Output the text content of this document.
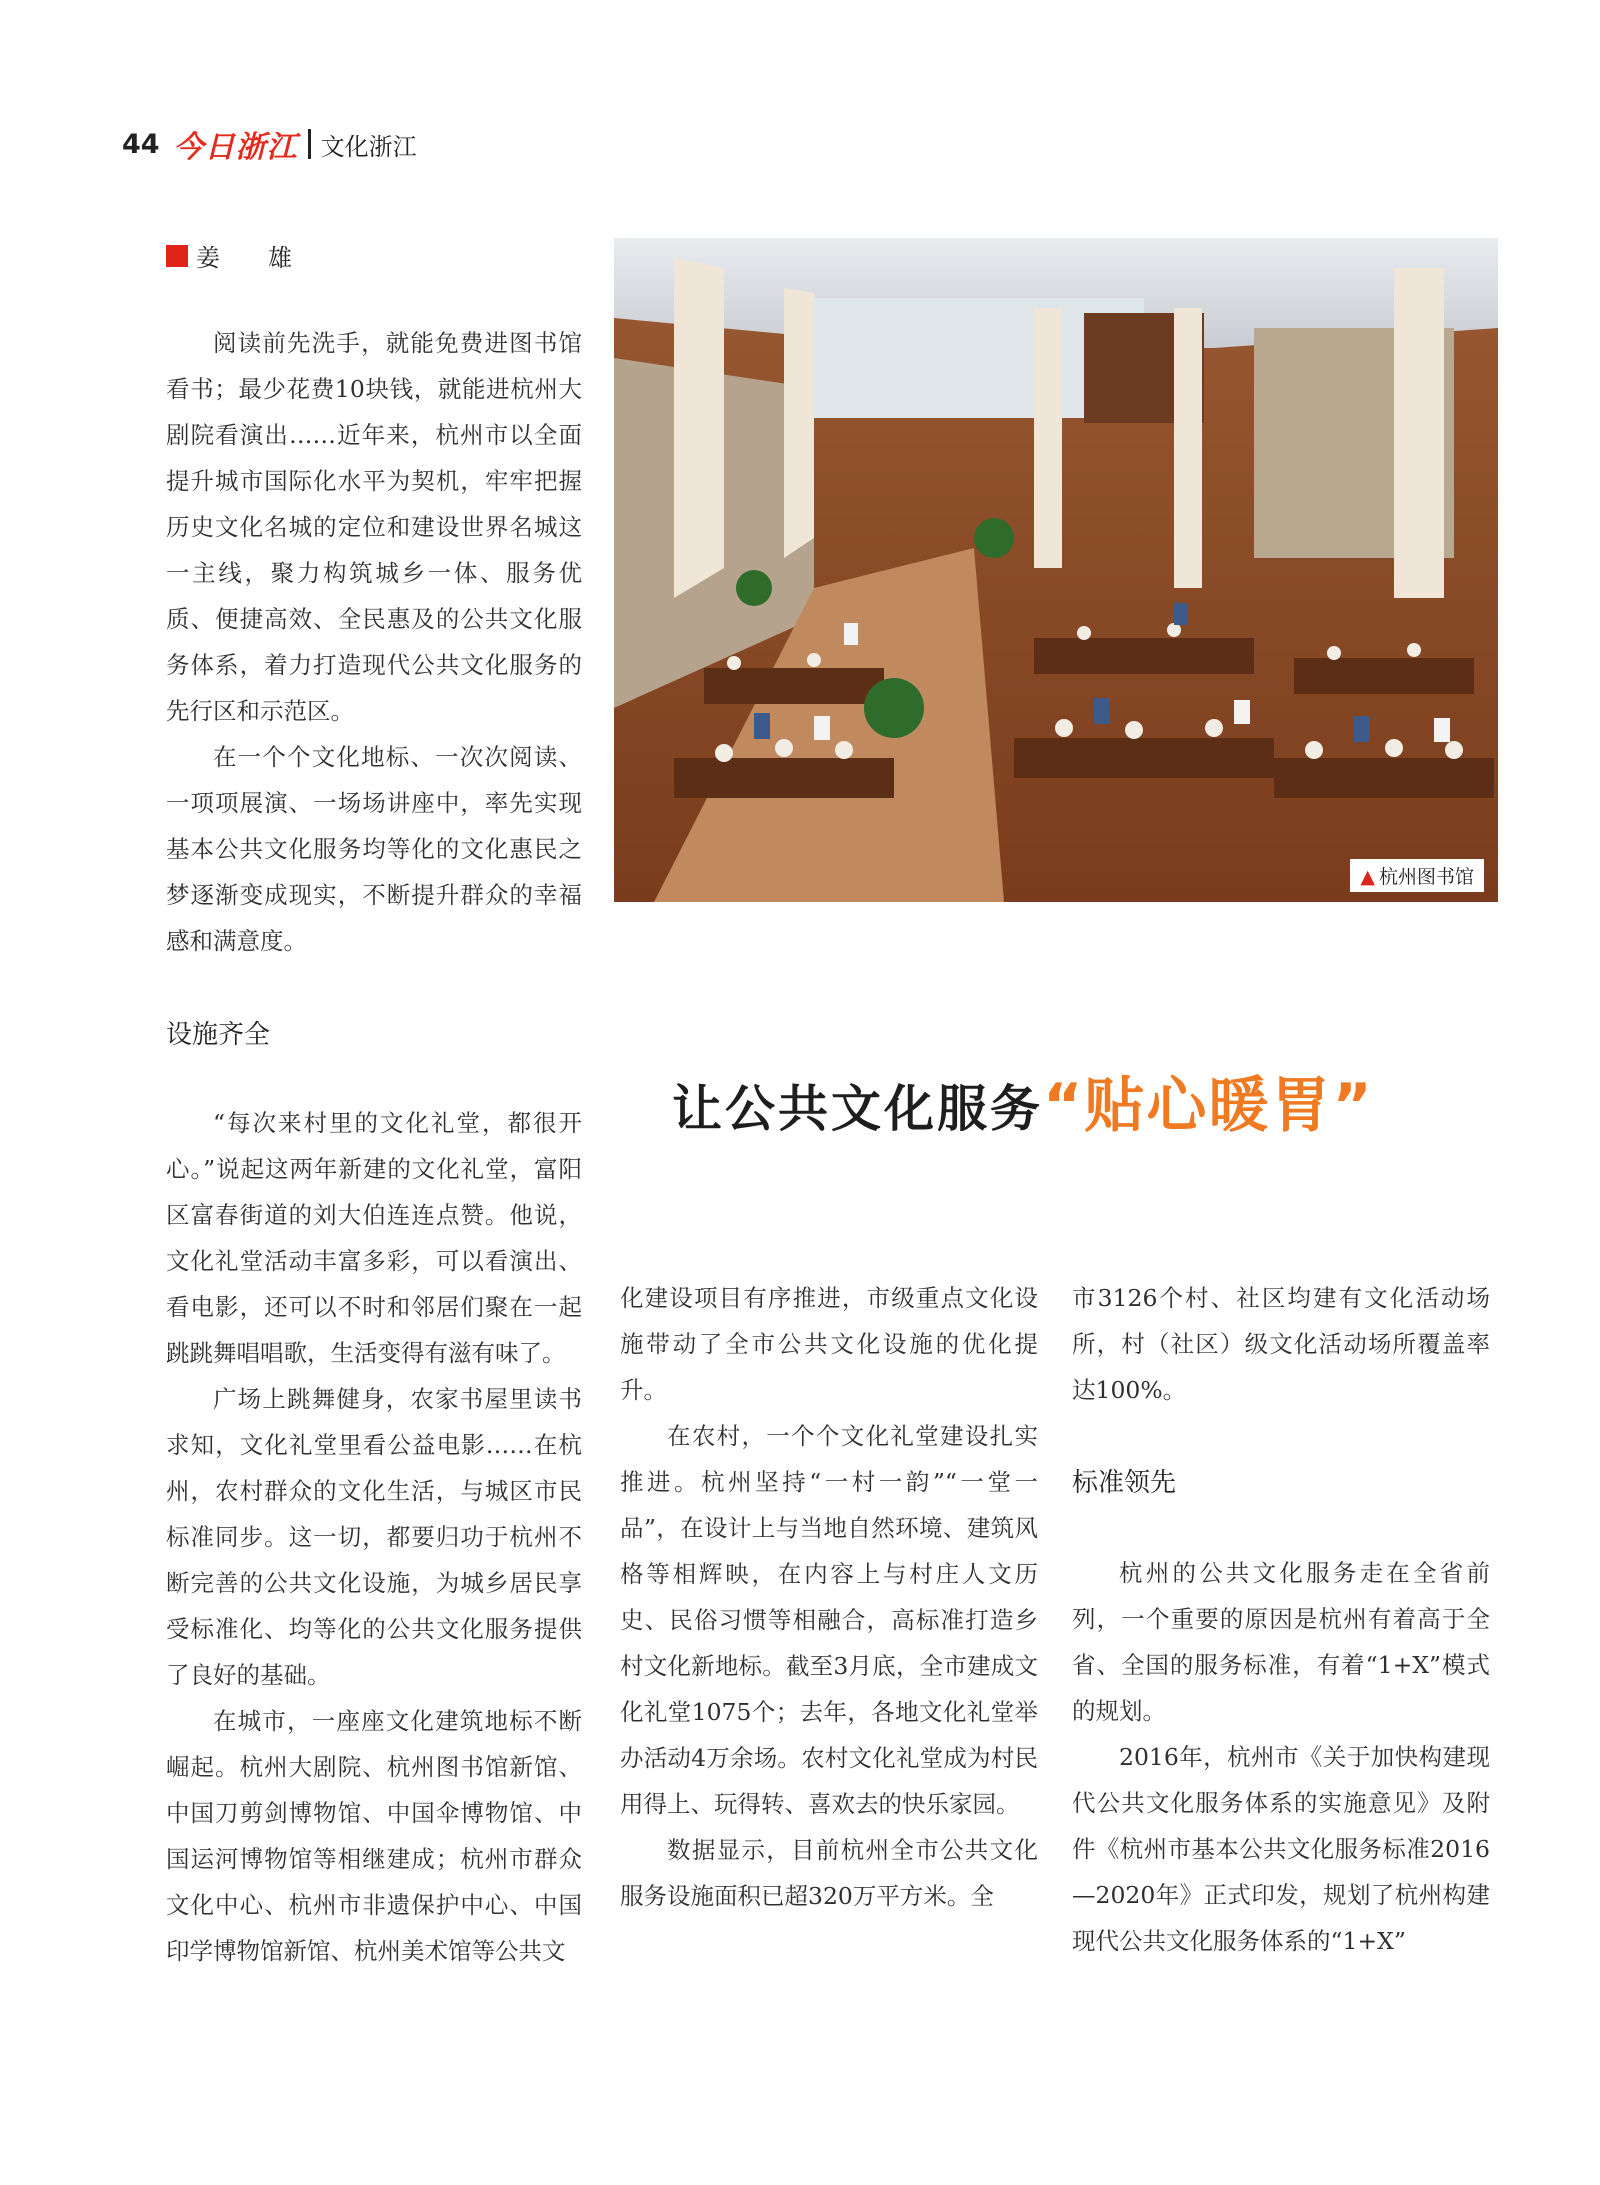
44 今日浙江 文化浙江
姜　雄

阅读前先洗手，就能免费进图书馆看书；最少花费10块钱，就能进杭州大剧院看演出……近年来，杭州市以全面提升城市国际化水平为契机，牢牢把握历史文化名城的定位和建设世界名城这一主线，聚力构筑城乡一体、服务优质、便捷高效、全民惠及的公共文化服务体系，着力打造现代公共文化服务的先行区和示范区。

在一个个文化地标、一次次阅读、一项项展演、一场场讲座中，率先实现基本公共文化服务均等化的文化惠民之梦逐渐变成现实，不断提升群众的幸福感和满意度。

▲ 杭州图书馆
设施齐全
让公共文化服务 “贴心暖胃”

“每次来村里的文化礼堂，都很开心。”说起这两年新建的文化礼堂，富阳区富春街道的刘大伯连连点赞。他说，文化礼堂活动丰富多彩，可以看演出、看电影，还可以不时和邻居们聚在一起跳跳舞唱唱歌，生活变得有滋有味了。

广场上跳舞健身，农家书屋里读书求知，文化礼堂里看公益电影……在杭州，农村群众的文化生活，与城区市民标准同步。这一切，都要归功于杭州不断完善的公共文化设施，为城乡居民享受标准化、均等化的公共文化服务提供了良好的基础。

在城市，一座座文化建筑地标不断崛起。杭州大剧院、杭州图书馆新馆、中国刀剪剑博物馆、中国伞博物馆、中国运河博物馆等相继建成；杭州市群众文化中心、杭州市非遗保护中心、中国印学博物馆新馆、杭州美术馆等公共文

化建设项目有序推进，市级重点文化设施带动了全市公共文化设施的优化提升。

在农村，一个个文化礼堂建设扎实推进。杭州坚持“一村一韵”“一堂一品”，在设计上与当地自然环境、建筑风格等相辉映，在内容上与村庄人文历史、民俗习惯等相融合，高标准打造乡村文化新地标。截至3月底，全市建成文化礼堂1075个；去年，各地文化礼堂举办活动4万余场。农村文化礼堂成为村民用得上、玩得转、喜欢去的快乐家园。

数据显示，目前杭州全市公共文化服务设施面积已超320万平方米。全

市3126个村、社区均建有文化活动场所，村（社区）级文化活动场所覆盖率达100%。

标准领先

杭州的公共文化服务走在全省前列，一个重要的原因是杭州有着高于全省、全国的服务标准，有着“1+X”模式的规划。

2016年，杭州市《关于加快构建现代公共文化服务体系的实施意见》及附件《杭州市基本公共文化服务标准2016—2020年》正式印发，规划了杭州构建现代公共文化服务体系的“1+X”
